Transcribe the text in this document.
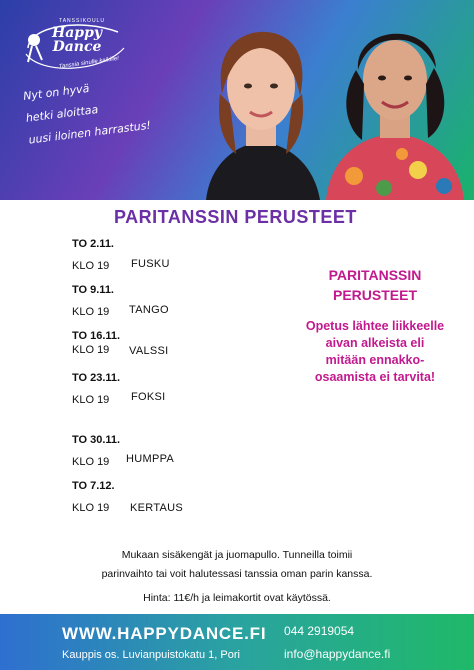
TANSSIKOULU
Happy
Dance
Tanssia sinulle kaikille!
Nyt on hyvä
hetki aloittaa
uusi iloinen harrastus!
PARITANSSIN PERUSTEET
TO 2.11.
KLO 19 FUSKU
TO 9.11.
KLO 19 TANGO
TO 16.11.
KLO 19 VALSSI
TO 23.11.
KLO 19 FOKSI
TO 30.11.
KLO 19 HUMPPA
TO 7.12.
KLO 19 KERTAUS
PARITANSSIN
PERUSTEET
Opetus lähtee liikkeelle
aivan alkeista eli
mitään ennakko-
osaamista ei tarvita!
Mukaan sisäkengät ja juomapullo. Tunneilla toimii
parinvaihto tai voit halutessasi tanssia oman parin kanssa.
Hinta: 11€/h ja leimakortit ovat käytössä.
WWW.HAPPYDANCE.FI
Kauppis os. Luvianpuistokatu 1, Pori
044 2919054
info@happydance.fi
